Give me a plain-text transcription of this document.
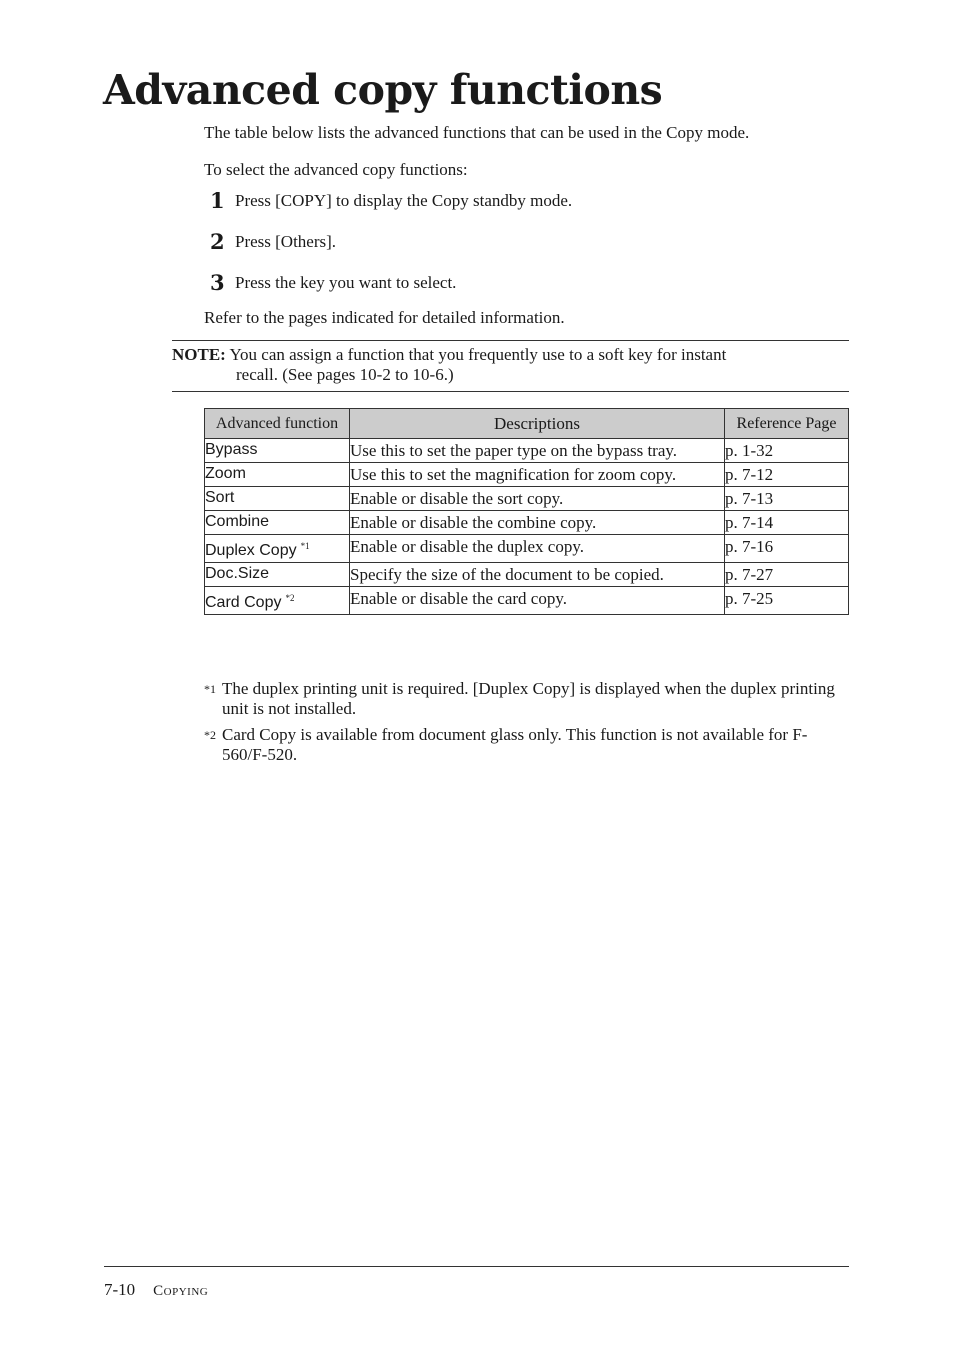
Advanced copy functions
The table below lists the advanced functions that can be used in the Copy mode.
To select the advanced copy functions:
1 Press [COPY] to display the Copy standby mode.
2 Press [Others].
3 Press the key you want to select.
Refer to the pages indicated for detailed information.
NOTE: You can assign a function that you frequently use to a soft key for instant
recall. (See pages 10-2 to 10-6.)
Advanced function	Descriptions	Reference Page
Bypass	Use this to set the paper type on the bypass tray.	p. 1-32
Zoom	Use this to set the magnification for zoom copy.	p. 7-12
Sort	Enable or disable the sort copy.	p. 7-13
Combine	Enable or disable the combine copy.	p. 7-14
Duplex Copy $^{*1}$	Enable or disable the duplex copy.	p. 7-16
Doc.Size	Specify the size of the document to be copied.	p. 7-27
Card Copy $^{*2}$	Enable or disable the card copy.	p. 7-25
*1 The duplex printing unit is required. [Duplex Copy] is displayed when the duplex printing unit is not installed.
*2 Card Copy is available from document glass only. This function is not available for F-560/F-520.
7-10 Copying
